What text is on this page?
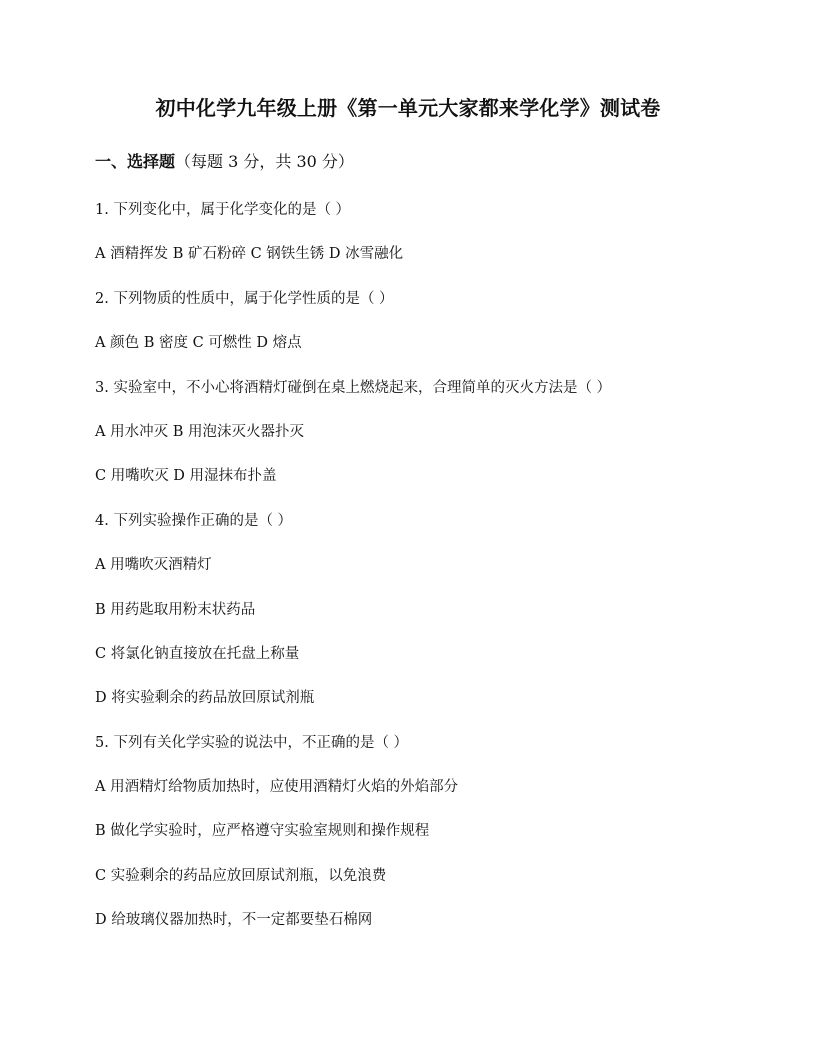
初中化学九年级上册《第一单元大家都来学化学》测试卷
一、选择题（每题 3 分，共 30 分）
1. 下列变化中，属于化学变化的是（ ）
A 酒精挥发 B 矿石粉碎 C 钢铁生锈 D 冰雪融化
2. 下列物质的性质中，属于化学性质的是（ ）
A 颜色 B 密度 C 可燃性 D 熔点
3. 实验室中，不小心将酒精灯碰倒在桌上燃烧起来，合理简单的灭火方法是（ ）
A 用水冲灭 B 用泡沫灭火器扑灭
C 用嘴吹灭 D 用湿抹布扑盖
4. 下列实验操作正确的是（ ）
A 用嘴吹灭酒精灯
B 用药匙取用粉末状药品
C 将氯化钠直接放在托盘上称量
D 将实验剩余的药品放回原试剂瓶
5. 下列有关化学实验的说法中，不正确的是（ ）
A 用酒精灯给物质加热时，应使用酒精灯火焰的外焰部分
B 做化学实验时，应严格遵守实验室规则和操作规程
C 实验剩余的药品应放回原试剂瓶，以免浪费
D 给玻璃仪器加热时，不一定都要垫石棉网
